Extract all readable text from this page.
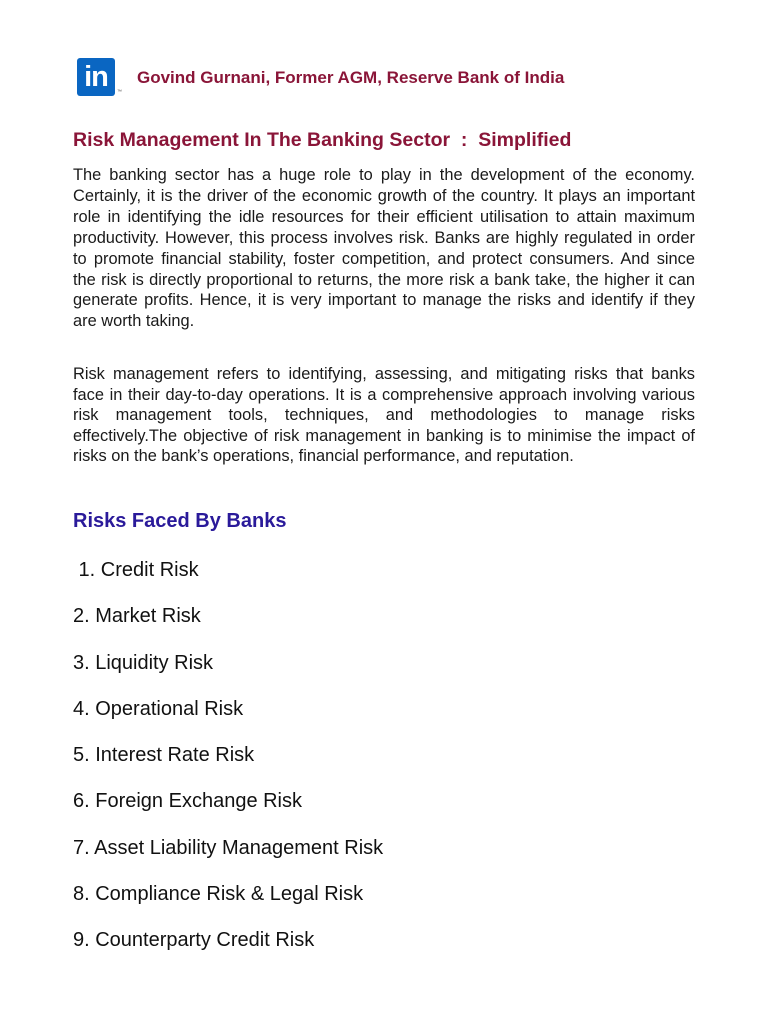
in ™
Govind Gurnani, Former AGM, Reserve Bank of India
Risk Management In The Banking Sector  :  Simplified

The banking sector has a huge role to play in the development of the economy. Certainly, it is the driver of the economic growth of the country. It plays an important role in identifying the idle resources for their efficient utilisation to attain maximum productivity. However, this process involves risk. Banks are highly regulated in order to promote financial stability, foster competition, and protect consumers. And since the risk is directly proportional to returns, the more risk a bank take, the higher it can generate profits. Hence, it is very important to manage the risks and identify if they are worth taking.

Risk management refers to identifying, assessing, and mitigating risks that banks face in their day-to-day operations. It is a comprehensive approach involving various risk management tools, techniques, and methodologies to manage risks effectively.The objective of risk management in banking is to minimise the impact of risks on the bank’s operations, financial performance, and reputation.

Risks Faced By Banks
1. Credit Risk
2. Market Risk
3. Liquidity Risk
4. Operational Risk
5. Interest Rate Risk
6. Foreign Exchange Risk
7. Asset Liability Management Risk
8. Compliance Risk & Legal Risk
9. Counterparty Credit Risk
